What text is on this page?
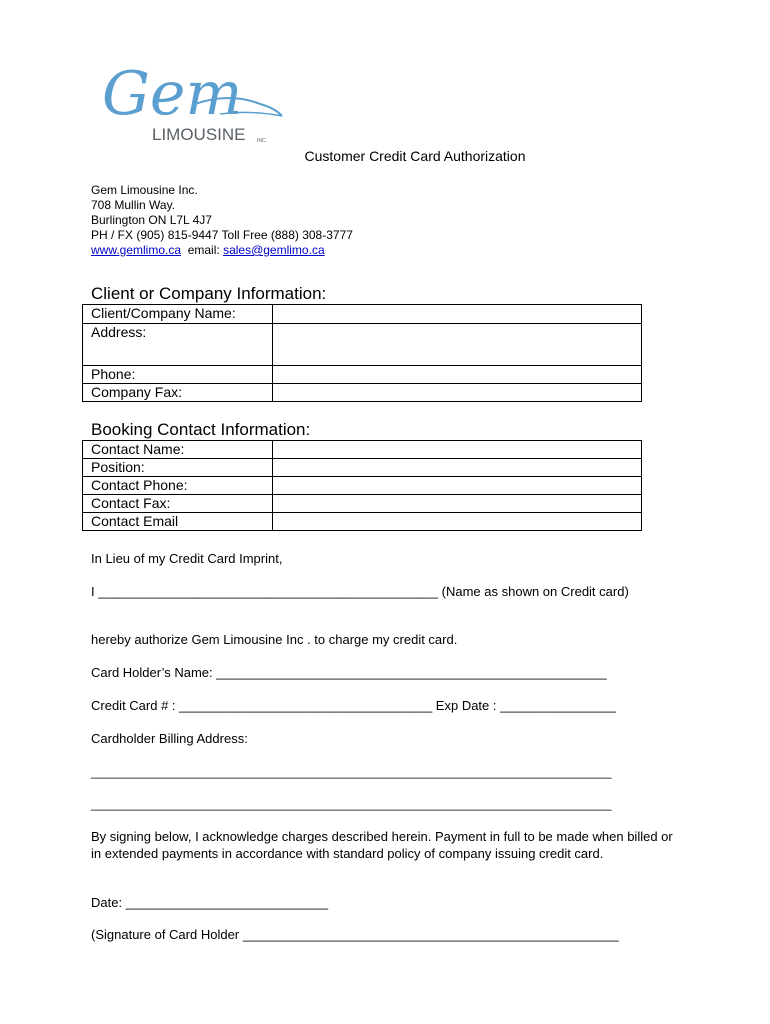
Gem
LIMOUSINE INC.
Customer Credit Card Authorization
Gem Limousine Inc.
708 Mullin Way.
Burlington ON L7L 4J7
PH / FX (905) 815-9447 Toll Free (888) 308-3777
www.gemlimo.ca email: sales@gemlimo.ca
Client or Company Information:
Client/Company Name:	
Address:	
Phone:	
Company Fax:	
Booking Contact Information:
Contact Name:	
Position:	
Contact Phone:	
Contact Fax:	
Contact Email	
In Lieu of my Credit Card Imprint,
I _______________________________________________ (Name as shown on Credit card)
hereby authorize Gem Limousine Inc . to charge my credit card.
Card Holder’s Name: ______________________________________________________
Credit Card # : ___________________________________ Exp Date : ________________
Cardholder Billing Address:
______________________________________________________________________________
______________________________________________________________________________
By signing below, I acknowledge charges described herein. Payment in full to be made when billed or in extended payments in accordance with standard policy of company issuing credit card.
Date: ____________________________
(Signature of Card Holder ____________________________________________________
